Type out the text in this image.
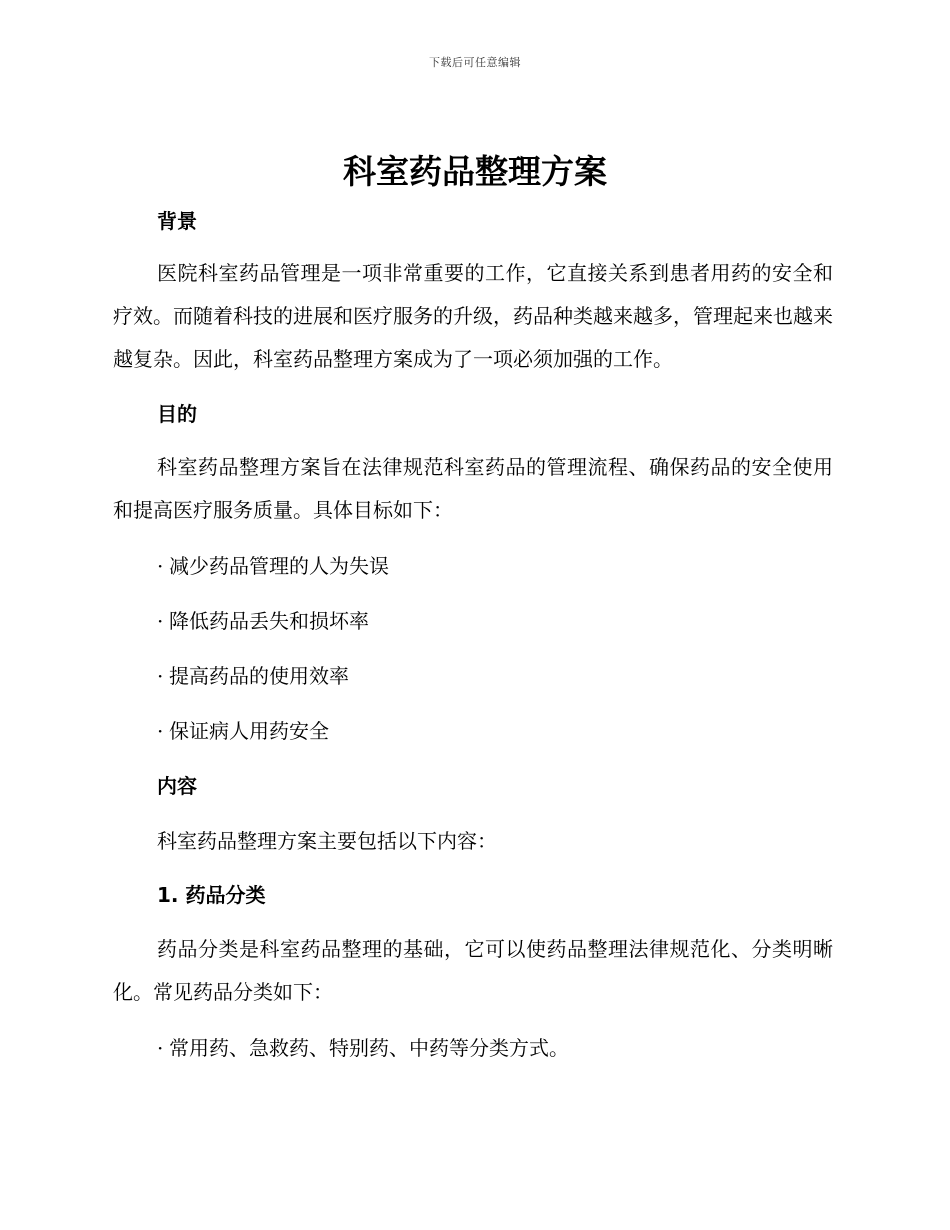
下载后可任意编辑
科室药品整理方案
背景

医院科室药品管理是一项非常重要的工作，它直接关系到患者用药的安全和疗效。而随着科技的进展和医疗服务的升级，药品种类越来越多，管理起来也越来越复杂。因此，科室药品整理方案成为了一项必须加强的工作。

目的

科室药品整理方案旨在法律规范科室药品的管理流程、确保药品的安全使用和提高医疗服务质量。具体目标如下：

· 减少药品管理的人为失误
· 降低药品丢失和损坏率
· 提高药品的使用效率
· 保证病人用药安全
内容
科室药品整理方案主要包括以下内容：
1. 药品分类

药品分类是科室药品整理的基础，它可以使药品整理法律规范化、分类明晰化。常见药品分类如下：

· 常用药、急救药、特别药、中药等分类方式。
